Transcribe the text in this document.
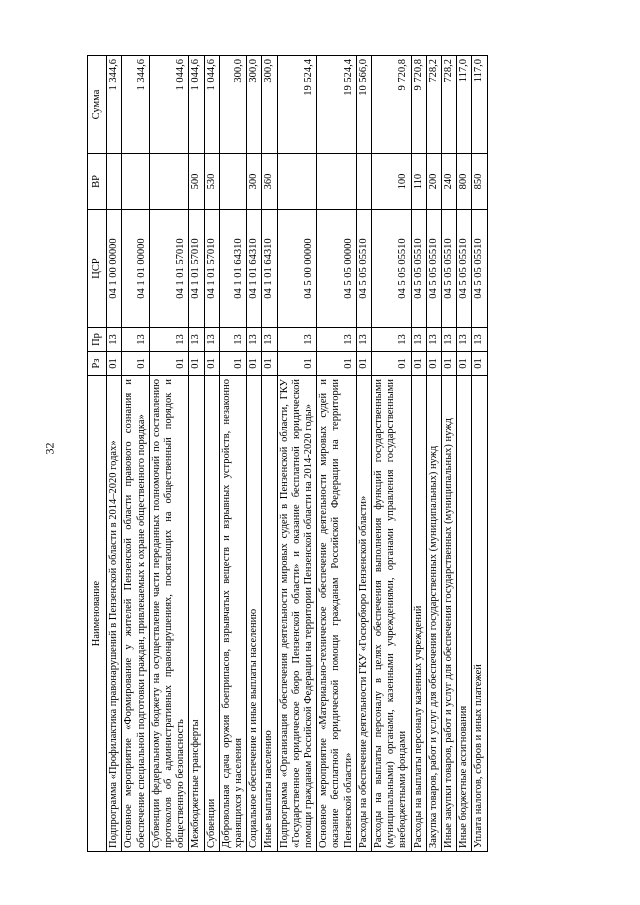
32
Наименование	Рз	Пр	ЦСР	ВР	Сумма
Подпрограмма «Профилактика правонарушений в Пензенской области в 2014–2020 годах»	01	13	04 1 00 00000		1 344,6
Основное мероприятие «Формирование у жителей Пензенской области правового сознания и обеспечение специальной подготовки граждан, привлекаемых к охране общественного порядка»	01	13	04 1 01 00000		1 344,6
Субвенции федеральному бюджету на осуществление части переданных полномочий по составлению протоколов об административных правонарушениях, посягающих на общественный порядок и общественную безопасность	01	13	04 1 01 57010		1 044,6
Межбюджетные трансферты	01	13	04 1 01 57010	500	1 044,6
Субвенции	01	13	04 1 01 57010	530	1 044,6
Добровольная сдача оружия боеприпасов, взрывчатых веществ и взрывных устройств, незаконно хранящихся у населения	01	13	04 1 01 64310		300,0
Социальное обеспечение и иные выплаты населению	01	13	04 1 01 64310	300	300,0
Иные выплаты населению	01	13	04 1 01 64310	360	300,0
Подпрограмма «Организация обеспечения деятельности мировых судей в Пензенской области, ГКУ «Государственное юридическое бюро Пензенской области» и оказание бесплатной юридической помощи гражданам Российской Федерации на территории Пензенской области на 2014-2020 годы»	01	13	04 5 00 00000		19 524,4
Основное мероприятие «Материально-техническое обеспечение деятельности мировых судей и оказание бесплатной юридической помощи гражданам Российской Федерации на территории Пензенской области»	01	13	04 5 05 00000		19 524,4
Расходы на обеспечение деятельности ГКУ «Госюрбюро Пензенской области»	01	13	04 5 05 05510		10 566,0
Расходы на выплаты персоналу в целях обеспечения выполнения функций государственными (муниципальными) органами, казенными учреждениями, органами управления государственными внебюджетными фондами	01	13	04 5 05 05510	100	9 720,8
Расходы на выплаты персоналу казенных учреждений	01	13	04 5 05 05510	110	9 720,8
Закупка товаров, работ и услуг для обеспечения государственных (муниципальных) нужд	01	13	04 5 05 05510	200	728,2
Иные закупки товаров, работ и услуг для обеспечения государственных (муниципальных) нужд	01	13	04 5 05 05510	240	728,2
Иные бюджетные ассигнования	01	13	04 5 05 05510	800	117,0
Уплата налогов, сборов и иных платежей	01	13	04 5 05 05510	850	117,0
